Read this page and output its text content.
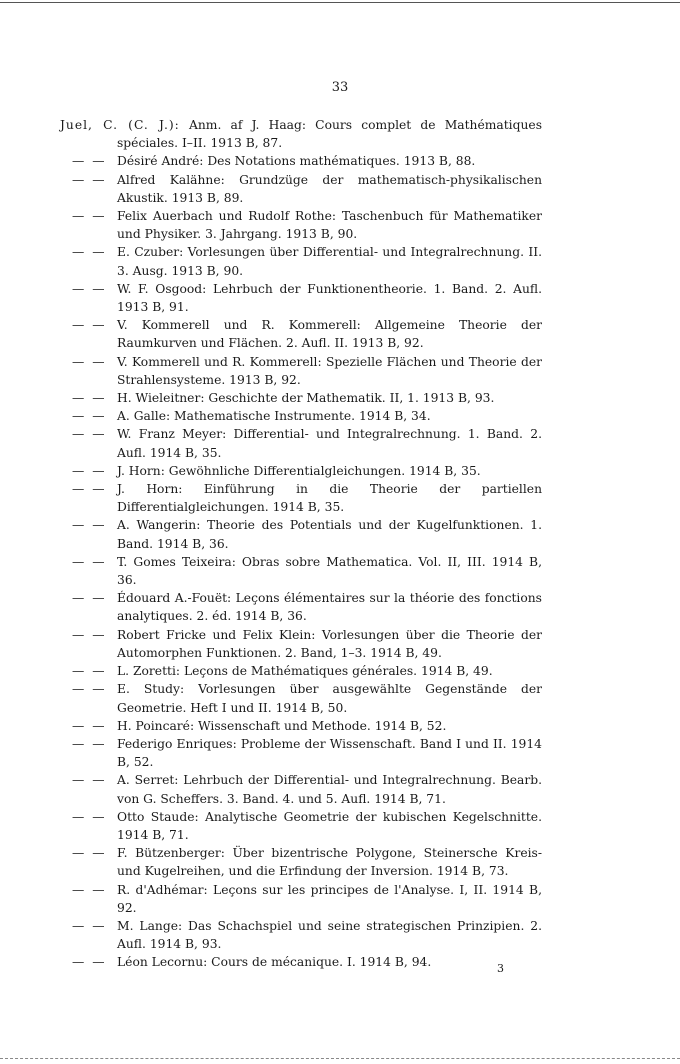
33
Juel, C. (C. J.): Anm. af J. Haag: Cours complet de Mathématiques spéciales. I–II. 1913 B, 87.
— — Désiré André: Des Notations mathématiques. 1913 B, 88.
— — Alfred Kalähne: Grundzüge der mathematisch-physikalischen Akustik. 1913 B, 89.
— — Felix Auerbach und Rudolf Rothe: Taschenbuch für Mathematiker und Physiker. 3. Jahrgang. 1913 B, 90.
— — E. Czuber: Vorlesungen über Differential- und Integralrechnung. II. 3. Ausg. 1913 B, 90.
— — W. F. Osgood: Lehrbuch der Funktionentheorie. 1. Band. 2. Aufl. 1913 B, 91.
— — V. Kommerell und R. Kommerell: Allgemeine Theorie der Raumkurven und Flächen. 2. Aufl. II. 1913 B, 92.
— — V. Kommerell und R. Kommerell: Spezielle Flächen und Theorie der Strahlensysteme. 1913 B, 92.
— — H. Wieleitner: Geschichte der Mathematik. II, 1. 1913 B, 93.
— — A. Galle: Mathematische Instrumente. 1914 B, 34.
— — W. Franz Meyer: Differential- und Integralrechnung. 1. Band. 2. Aufl. 1914 B, 35.
— — J. Horn: Gewöhnliche Differentialgleichungen. 1914 B, 35.
— — J. Horn: Einführung in die Theorie der partiellen Differentialgleichungen. 1914 B, 35.
— — A. Wangerin: Theorie des Potentials und der Kugelfunktionen. 1. Band. 1914 B, 36.
— — T. Gomes Teixeira: Obras sobre Mathematica. Vol. II, III. 1914 B, 36.
— — Édouard A.-Fouët: Leçons élémentaires sur la théorie des fonctions analytiques. 2. éd. 1914 B, 36.
— — Robert Fricke und Felix Klein: Vorlesungen über die Theorie der Automorphen Funktionen. 2. Band, 1–3. 1914 B, 49.
— — L. Zoretti: Leçons de Mathématiques générales. 1914 B, 49.
— — E. Study: Vorlesungen über ausgewählte Gegenstände der Geometrie. Heft I und II. 1914 B, 50.
— — H. Poincaré: Wissenschaft und Methode. 1914 B, 52.
— — Federigo Enriques: Probleme der Wissenschaft. Band I und II. 1914 B, 52.
— — A. Serret: Lehrbuch der Differential- und Integralrechnung. Bearb. von G. Scheffers. 3. Band. 4. und 5. Aufl. 1914 B, 71.
— — Otto Staude: Analytische Geometrie der kubischen Kegelschnitte. 1914 B, 71.
— — F. Bützenberger: Über bizentrische Polygone, Steinersche Kreis- und Kugelreihen, und die Erfindung der Inversion. 1914 B, 73.
— — R. d'Adhémar: Leçons sur les principes de l'Analyse. I, II. 1914 B, 92.
— — M. Lange: Das Schachspiel und seine strategischen Prinzipien. 2. Aufl. 1914 B, 93.
— — Léon Lecornu: Cours de mécanique. I. 1914 B, 94.	3
